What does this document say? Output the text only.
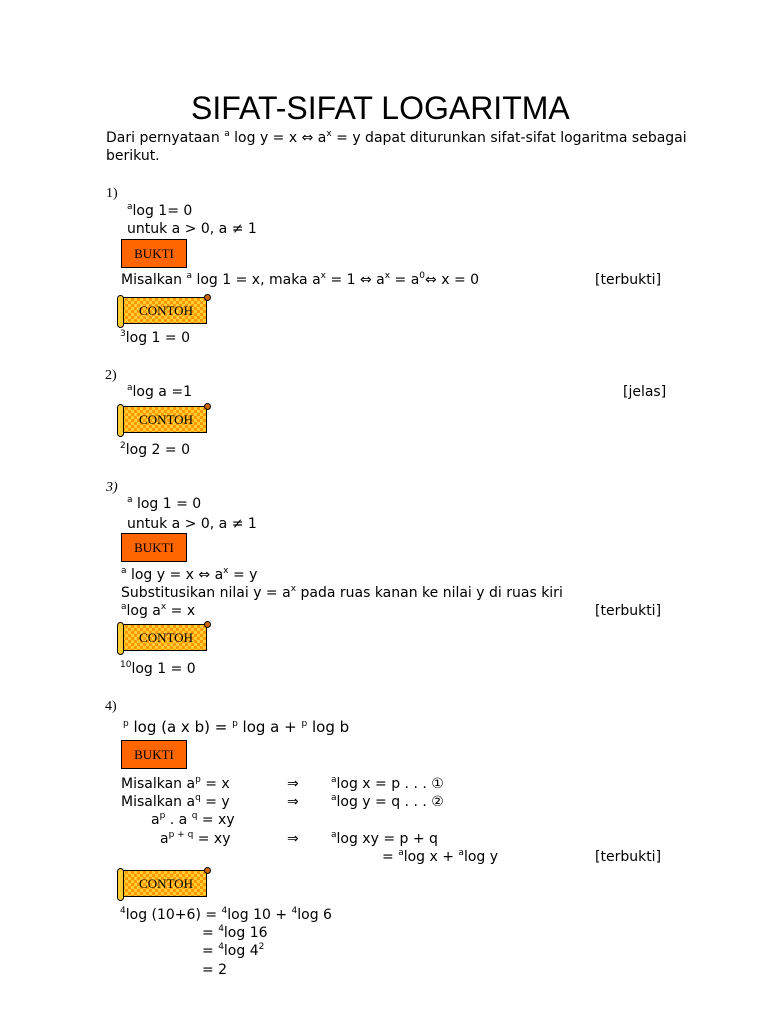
SIFAT-SIFAT LOGARITMA
Dari pernyataan $^a$ log y = x ⇔ $a^x = y$ dapat diturunkan sifat-sifat logaritma sebagai
berikut.
1)
$^a$log 1= 0
untuk a > 0, a ≠ 1
BUKTI
Misalkan $^a$ log 1 = x, maka $a^x = 1$ ⇔ $a^x$ = $a^0\Leftrightarrow$ x = 0	[terbukti]
CONTOH
$^3$log 1 = 0
2)
$^a$log a =1	[jelas]
CONTOH
$^2$log 2 = 0
3)
$^a$ log 1 = 0
untuk a > 0, a ≠ 1
BUKTI
$^a$ log y = x ⇔ $a^x = y$
Substitusikan nilai $y = a^x$ pada ruas kanan ke nilai y di ruas kiri
$^a$log $a^x = x$	[terbukti]
CONTOH
$^{10}$log 1 = 0
4)
$^p$ log (a x b) = $^p$ log a + $^p$ log b
BUKTI
Misalkan $a^p = x$	⇒	$^a$log x = p . . . ①
Misalkan $a^q = y$	⇒	$^a$log y = q . . . ②
$a^p$ . a $^q$ = xy
$a^{p + q}$ = xy	⇒	$^a$log xy = p + q
= $^a$log x + $^a$log y	[terbukti]
CONTOH
$^4$log (10+6) = $^4$log 10 + $^4$log 6
= $^4$log 16
= $^4$log $4^2$
= 2
